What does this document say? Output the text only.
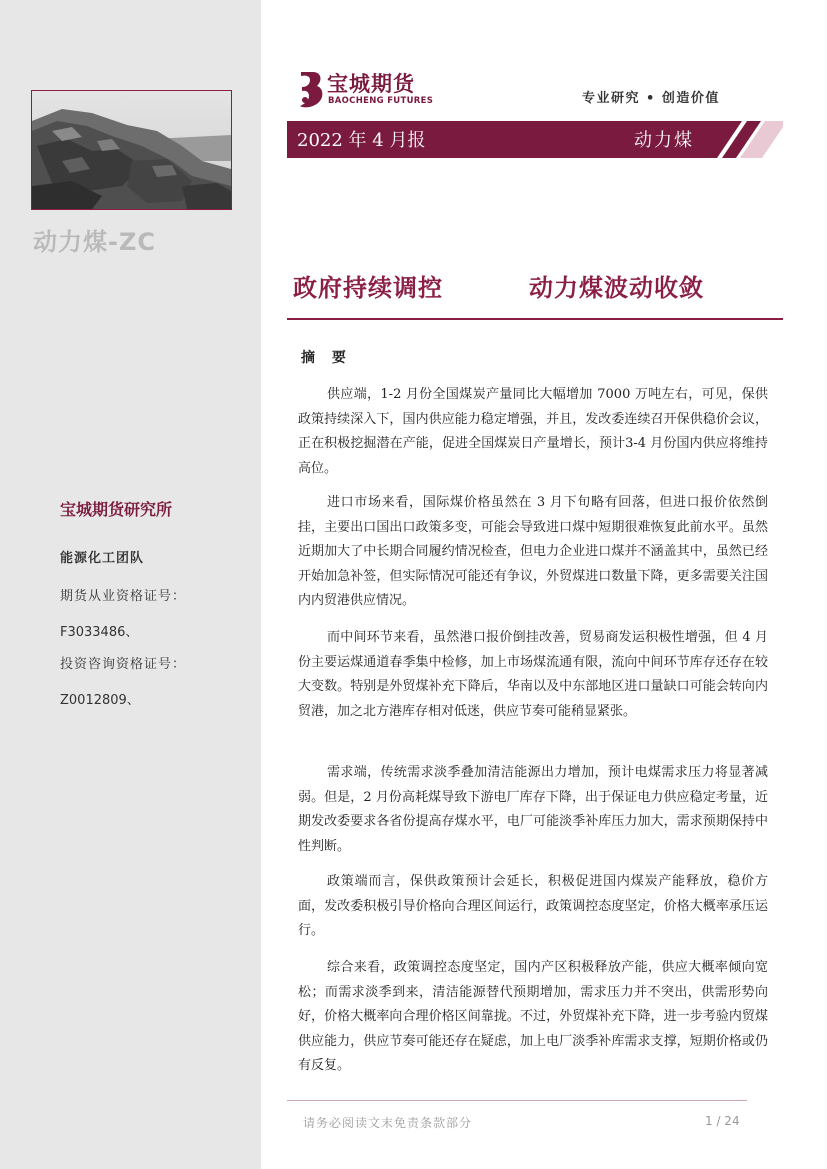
动力煤-ZC
宝城期货研究所
能源化工团队
期货从业资格证号：
F3033486、
投资咨询资格证号：
Z0012809、
宝城期货
BAOCHENG FUTURES	专业研究 • 创造价值
2022 年 4 月报	动力煤
政府持续调控	动力煤波动收敛
摘 要
供应端，1-2 月份全国煤炭产量同比大幅增加 7000 万吨左右，可见，保供政策持续深入下，国内供应能力稳定增强，并且，发改委连续召开保供稳价会议，正在积极挖掘潜在产能，促进全国煤炭日产量增长，预计3-4 月份国内供应将维持高位。
进口市场来看，国际煤价格虽然在 3 月下旬略有回落，但进口报价依然倒挂，主要出口国出口政策多变，可能会导致进口煤中短期很难恢复此前水平。虽然近期加大了中长期合同履约情况检查，但电力企业进口煤并不涵盖其中，虽然已经开始加急补签，但实际情况可能还有争议，外贸煤进口数量下降，更多需要关注国内内贸港供应情况。
而中间环节来看，虽然港口报价倒挂改善，贸易商发运积极性增强，但 4 月份主要运煤通道春季集中检修，加上市场煤流通有限，流向中间环节库存还存在较大变数。特别是外贸煤补充下降后，华南以及中东部地区进口量缺口可能会转向内贸港，加之北方港库存相对低迷，供应节奏可能稍显紧张。
需求端，传统需求淡季叠加清洁能源出力增加，预计电煤需求压力将显著减弱。但是，2 月份高耗煤导致下游电厂库存下降，出于保证电力供应稳定考量，近期发改委要求各省份提高存煤水平，电厂可能淡季补库压力加大，需求预期保持中性判断。
政策端而言，保供政策预计会延长，积极促进国内煤炭产能释放，稳价方面，发改委积极引导价格向合理区间运行，政策调控态度坚定，价格大概率承压运行。
综合来看，政策调控态度坚定，国内产区积极释放产能，供应大概率倾向宽松；而需求淡季到来，清洁能源替代预期增加，需求压力并不突出，供需形势向好，价格大概率向合理价格区间靠拢。不过，外贸煤补充下降，进一步考验内贸煤供应能力，供应节奏可能还存在疑虑，加上电厂淡季补库需求支撑，短期价格或仍有反复。
请务必阅读文末免责条款部分	1 / 24
